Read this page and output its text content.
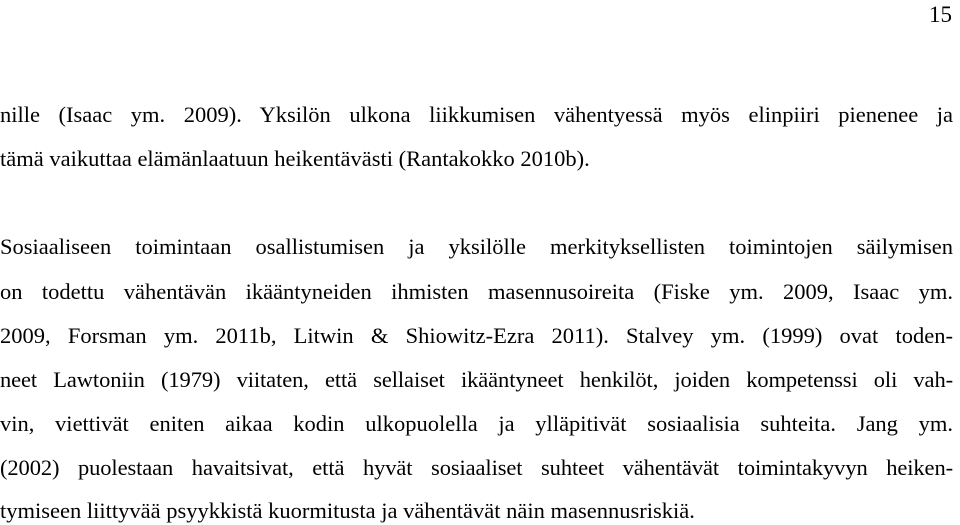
15
nille (Isaac ym. 2009). Yksilön ulkona liikkumisen vähentyessä myös elinpiiri pienenee ja
tämä vaikuttaa elämänlaatuun heikentävästi (Rantakokko 2010b).
Sosiaaliseen toimintaan osallistumisen ja yksilölle merkityksellisten toimintojen säilymisen
on todettu vähentävän ikääntyneiden ihmisten masennusoireita (Fiske ym. 2009, Isaac ym.
2009, Forsman ym. 2011b, Litwin & Shiowitz-Ezra 2011). Stalvey ym. (1999) ovat toden-
neet Lawtoniin (1979) viitaten, että sellaiset ikääntyneet henkilöt, joiden kompetenssi oli vah-
vin, viettivät eniten aikaa kodin ulkopuolella ja ylläpitivät sosiaalisia suhteita. Jang ym.
(2002) puolestaan havaitsivat, että hyvät sosiaaliset suhteet vähentävät toimintakyvyn heiken-
tymiseen liittyvää psyykkistä kuormitusta ja vähentävät näin masennusriskiä.
